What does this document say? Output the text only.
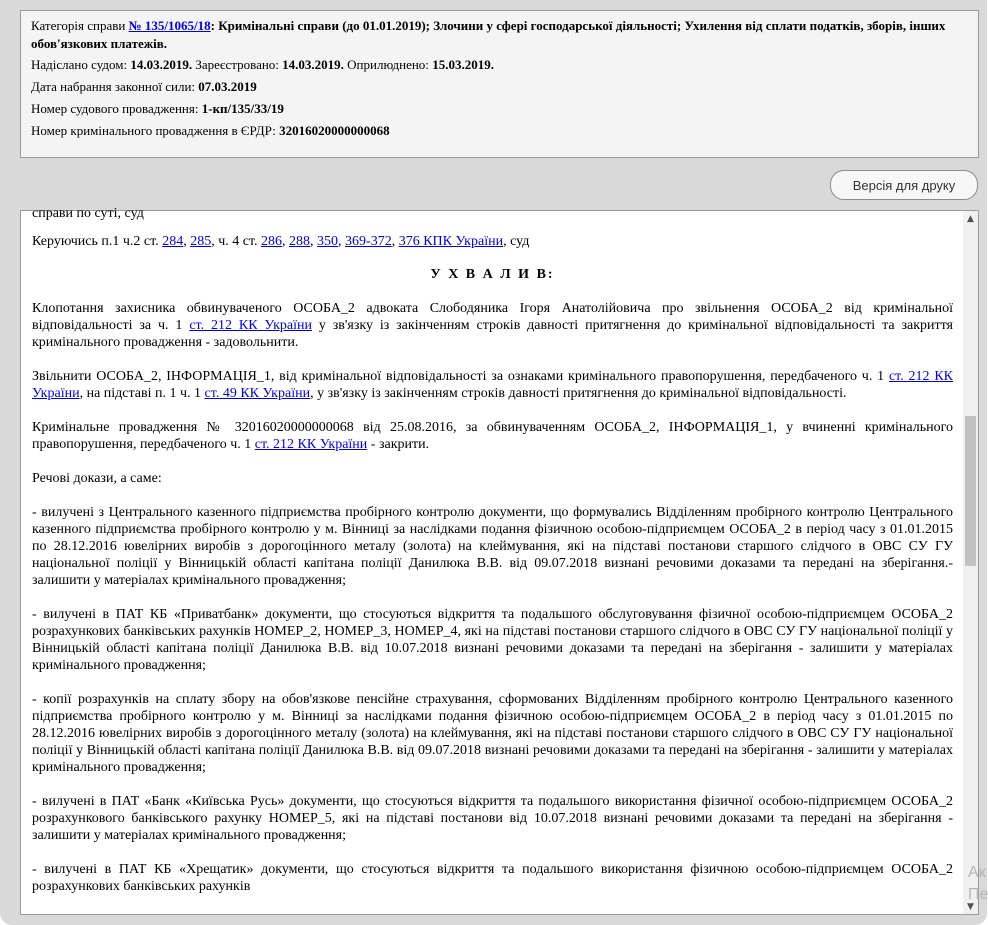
Категорія справи № 135/1065/18: Кримінальні справи (до 01.01.2019); Злочини у сфері господарської діяльності; Ухилення від сплати податків, зборів, інших обов'язкових платежів.
Надіслано судом: 14.03.2019. Зареєстровано: 14.03.2019. Оприлюднено: 15.03.2019.
Дата набрання законної сили: 07.03.2019
Номер судового провадження: 1-кп/135/33/19
Номер кримінального провадження в ЄРДР: 32016020000000068
Версія для друку
справи по суті, суд

Керуючись п.1 ч.2 ст. 284, 285, ч. 4 ст. 286, 288, 350, 369-372, 376 КПК України, суд

У Х В А Л И В:

Клопотання захисника обвинуваченого ОСОБА_2 адвоката Слободяника Ігоря Анатолійовича про звільнення ОСОБА_2 від кримінальної відповідальності за ч. 1 ст. 212 КК України у зв'язку із закінченням строків давності притягнення до кримінальної відповідальності та закриття кримінального провадження - задовольнити.

Звільнити ОСОБА_2, ІНФОРМАЦІЯ_1, від кримінальної відповідальності за ознаками кримінального правопорушення, передбаченого ч. 1 ст. 212 КК України, на підставі п. 1 ч. 1 ст. 49 КК України, у зв'язку із закінченням строків давності притягнення до кримінальної відповідальності.

Кримінальне провадження № 32016020000000068 від 25.08.2016, за обвинуваченням ОСОБА_2, ІНФОРМАЦІЯ_1, у вчиненні кримінального правопорушення, передбаченого ч. 1 ст. 212 КК України - закрити.

Речові докази, а саме:

- вилучені з Центрального казенного підприємства пробірного контролю документи, що формувались Відділенням пробірного контролю Центрального казенного підприємства пробірного контролю у м. Вінниці за наслідками подання фізичною особою-підприємцем ОСОБА_2 в період часу з 01.01.2015 по 28.12.2016 ювелірних виробів з дорогоцінного металу (золота) на клеймування, які на підставі постанови старшого слідчого в ОВС СУ ГУ національної поліції у Вінницькій області капітана поліції Данилюка В.В. від 09.07.2018 визнані речовими доказами та передані на зберігання.- залишити у матеріалах кримінального провадження;

- вилучені в ПАТ КБ «Приватбанк» документи, що стосуються відкриття та подальшого обслуговування фізичної особою-підприємцем ОСОБА_2 розрахункових банківських рахунків НОМЕР_2, НОМЕР_3, НОМЕР_4, які на підставі постанови старшого слідчого в ОВС СУ ГУ національної поліції у Вінницькій області капітана поліції Данилюка В.В. від 10.07.2018 визнані речовими доказами та передані на зберігання - залишити у матеріалах кримінального провадження;

- копії розрахунків на сплату збору на обов'язкове пенсійне страхування, сформованих Відділенням пробірного контролю Центрального казенного підприємства пробірного контролю у м. Вінниці за наслідками подання фізичною особою-підприємцем ОСОБА_2 в період часу з 01.01.2015 по 28.12.2016 ювелірних виробів з дорогоцінного металу (золота) на клеймування, які на підставі постанови старшого слідчого в ОВС СУ ГУ національної поліції у Вінницькій області капітана поліції Данилюка В.В. від 09.07.2018 визнані речовими доказами та передані на зберігання - залишити у матеріалах кримінального провадження;

- вилучені в ПАТ «Банк «Київська Русь» документи, що стосуються відкриття та подальшого використання фізичної особою-підприємцем ОСОБА_2 розрахункового банківського рахунку НОМЕР_5, які на підставі постанови від 10.07.2018 визнані речовими доказами та передані на зберігання - залишити у матеріалах кримінального провадження;

- вилучені в ПАТ КБ «Хрещатик» документи, що стосуються відкриття та подальшого використання фізичною особою-підприємцем ОСОБА_2 розрахункових банківських рахунків

▲
▼
Ак
Пе
